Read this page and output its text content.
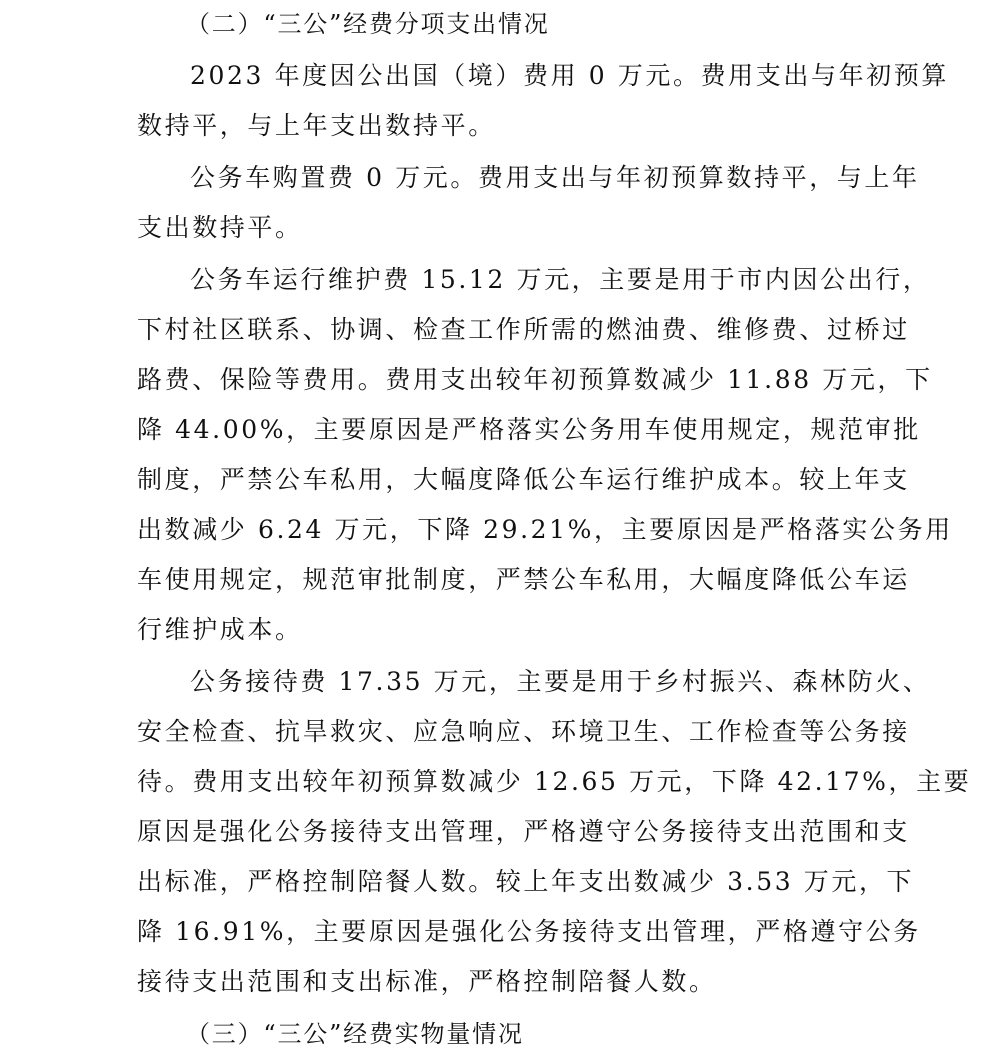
（二）“三公”经费分项支出情况
2023 年度因公出国（境）费用 0 万元。费用支出与年初预算
数持平，与上年支出数持平。
公务车购置费 0 万元。费用支出与年初预算数持平，与上年
支出数持平。
公务车运行维护费 15.12 万元，主要是用于市内因公出行，
下村社区联系、协调、检查工作所需的燃油费、维修费、过桥过
路费、保险等费用。费用支出较年初预算数减少 11.88 万元，下
降 44.00%，主要原因是严格落实公务用车使用规定，规范审批
制度，严禁公车私用，大幅度降低公车运行维护成本。较上年支
出数减少 6.24 万元，下降 29.21%，主要原因是严格落实公务用
车使用规定，规范审批制度，严禁公车私用，大幅度降低公车运
行维护成本。
公务接待费 17.35 万元，主要是用于乡村振兴、森林防火、
安全检查、抗旱救灾、应急响应、环境卫生、工作检查等公务接
待。费用支出较年初预算数减少 12.65 万元，下降 42.17%，主要
原因是强化公务接待支出管理，严格遵守公务接待支出范围和支
出标准，严格控制陪餐人数。较上年支出数减少 3.53 万元，下
降 16.91%，主要原因是强化公务接待支出管理，严格遵守公务
接待支出范围和支出标准，严格控制陪餐人数。
（三）“三公”经费实物量情况
